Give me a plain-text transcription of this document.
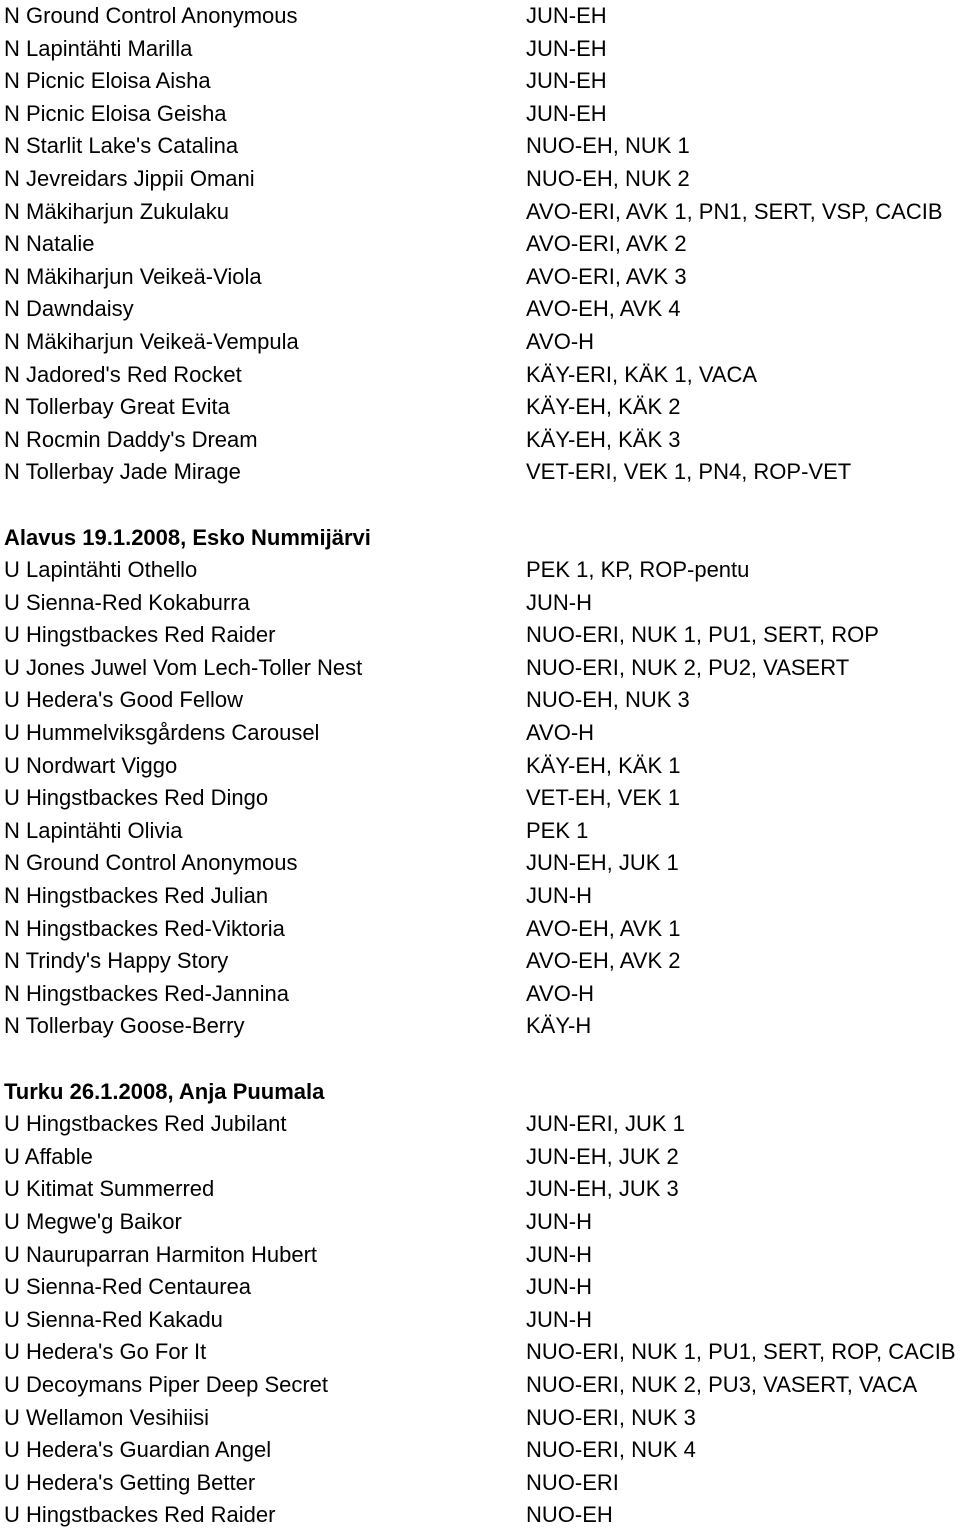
N Ground Control Anonymous	JUN-EH
N Lapintähti Marilla	JUN-EH
N Picnic Eloisa Aisha	JUN-EH
N Picnic Eloisa Geisha	JUN-EH
N Starlit Lake's Catalina	NUO-EH, NUK 1
N Jevreidars Jippii Omani	NUO-EH, NUK 2
N Mäkiharjun Zukulaku	AVO-ERI, AVK 1, PN1, SERT, VSP, CACIB
N Natalie	AVO-ERI, AVK 2
N Mäkiharjun Veikeä-Viola	AVO-ERI, AVK 3
N Dawndaisy	AVO-EH, AVK 4
N Mäkiharjun Veikeä-Vempula	AVO-H
N Jadored's Red Rocket	KÄY-ERI, KÄK 1, VACA
N Tollerbay Great Evita	KÄY-EH, KÄK 2
N Rocmin Daddy's Dream	KÄY-EH, KÄK 3
N Tollerbay Jade Mirage	VET-ERI, VEK 1, PN4, ROP-VET
Alavus 19.1.2008, Esko Nummijärvi
U Lapintähti Othello	PEK 1, KP, ROP-pentu
U Sienna-Red Kokaburra	JUN-H
U Hingstbackes Red Raider	NUO-ERI, NUK 1, PU1, SERT, ROP
U Jones Juwel Vom Lech-Toller Nest	NUO-ERI, NUK 2, PU2, VASERT
U Hedera's Good Fellow	NUO-EH, NUK 3
U Hummelviksgårdens Carousel	AVO-H
U Nordwart Viggo	KÄY-EH, KÄK 1
U Hingstbackes Red Dingo	VET-EH, VEK 1
N Lapintähti Olivia	PEK 1
N Ground Control Anonymous	JUN-EH, JUK 1
N Hingstbackes Red Julian	JUN-H
N Hingstbackes Red-Viktoria	AVO-EH, AVK 1
N Trindy's Happy Story	AVO-EH, AVK 2
N Hingstbackes Red-Jannina	AVO-H
N Tollerbay Goose-Berry	KÄY-H
Turku 26.1.2008, Anja Puumala
U Hingstbackes Red Jubilant	JUN-ERI, JUK 1
U Affable	JUN-EH, JUK 2
U Kitimat Summerred	JUN-EH, JUK 3
U Megwe'g Baikor	JUN-H
U Nauruparran Harmiton Hubert	JUN-H
U Sienna-Red Centaurea	JUN-H
U Sienna-Red Kakadu	JUN-H
U Hedera's Go For It	NUO-ERI, NUK 1, PU1, SERT, ROP, CACIB
U Decoymans Piper Deep Secret	NUO-ERI, NUK 2, PU3, VASERT, VACA
U Wellamon Vesihiisi	NUO-ERI, NUK 3
U Hedera's Guardian Angel	NUO-ERI, NUK 4
U Hedera's Getting Better	NUO-ERI
U Hingstbackes Red Raider	NUO-EH
